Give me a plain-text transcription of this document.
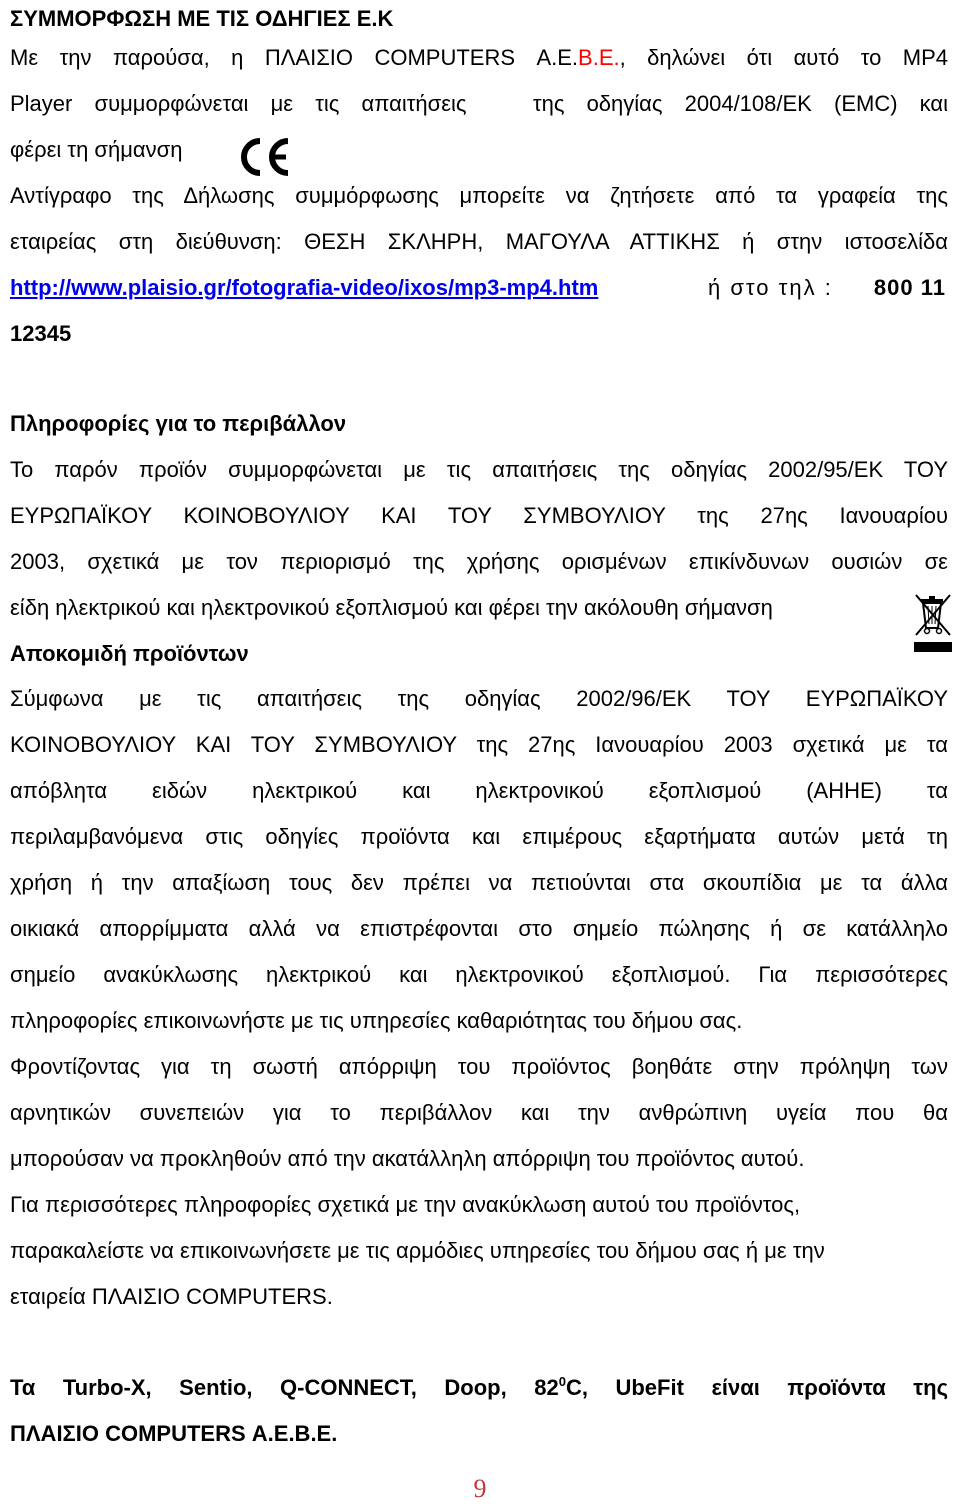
ΣΥΜΜΟΡΦΩΣΗ ΜΕ ΤΙΣ ΟΔΗΓΙΕΣ Ε.Κ
Με την παρούσα, η ΠΛΑΙΣΙΟ COMPUTERS Α.Ε.Β.Ε., δηλώνει ότι αυτό το MP4
Player συμμορφώνεται με τις απαιτήσεις   της οδηγίας 2004/108/ΕΚ (EMC) και
φέρει τη σήμανση
Αντίγραφο της Δήλωσης συμμόρφωσης μπορείτε να ζητήσετε από τα γραφεία της
εταιρείας στη διεύθυνση: ΘΕΣΗ ΣΚΛΗΡΗ, ΜΑΓΟΥΛΑ ΑΤΤΙΚΗΣ ή στην ιστοσελίδα
http://www.plaisio.gr/fotografia-video/ixos/mp3-mp4.htm	ή στο τηλ : 800 11
12345
Πληροφορίες για το περιβάλλον
Το παρόν προϊόν συμμορφώνεται με τις απαιτήσεις της οδηγίας 2002/95/ΕΚ ΤΟΥ
ΕΥΡΩΠΑΪΚΟΥ ΚΟΙΝΟΒΟΥΛΙΟΥ ΚΑΙ ΤΟΥ ΣΥΜΒΟΥΛΙΟΥ της 27ης Ιανουαρίου
2003, σχετικά με τον περιορισμό της χρήσης ορισμένων επικίνδυνων ουσιών σε
είδη ηλεκτρικού και ηλεκτρονικού εξοπλισμού και φέρει την ακόλουθη σήμανση
Αποκομιδή προϊόντων
Σύμφωνα με τις απαιτήσεις της οδηγίας 2002/96/ΕΚ ΤΟΥ ΕΥΡΩΠΑΪΚΟΥ
ΚΟΙΝΟΒΟΥΛΙΟΥ ΚΑΙ ΤΟΥ ΣΥΜΒΟΥΛΙΟΥ της 27ης Ιανουαρίου 2003 σχετικά με τα
απόβλητα ειδών ηλεκτρικού και ηλεκτρονικού εξοπλισμού (ΑΗΗΕ) τα
περιλαμβανόμενα στις οδηγίες προϊόντα και επιμέρους εξαρτήματα αυτών μετά τη
χρήση ή την απαξίωση τους δεν πρέπει να πετιούνται στα σκουπίδια με τα άλλα
οικιακά απορρίμματα αλλά να επιστρέφονται στο σημείο πώλησης ή σε κατάλληλο
σημείο ανακύκλωσης ηλεκτρικού και ηλεκτρονικού εξοπλισμού. Για περισσότερες
πληροφορίες επικοινωνήστε με τις υπηρεσίες καθαριότητας του δήμου σας.
Φροντίζοντας για τη σωστή απόρριψη του προϊόντος βοηθάτε στην πρόληψη των
αρνητικών συνεπειών για το περιβάλλον και την ανθρώπινη υγεία που θα
μπορούσαν να προκληθούν από την ακατάλληλη απόρριψη του προϊόντος αυτού.
Για περισσότερες πληροφορίες σχετικά με την ανακύκλωση αυτού του προϊόντος,
παρακαλείστε να επικοινωνήσετε με τις αρμόδιες υπηρεσίες του δήμου σας ή με την
εταιρεία ΠΛΑΙΣΙΟ COMPUTERS.
Τα Turbo-X, Sentio, Q-CONNECT, Doop, $82^0C$, UbeFit είναι προϊόντα της
ΠΛΑΙΣΙΟ COMPUTERS Α.Ε.Β.Ε.
9
